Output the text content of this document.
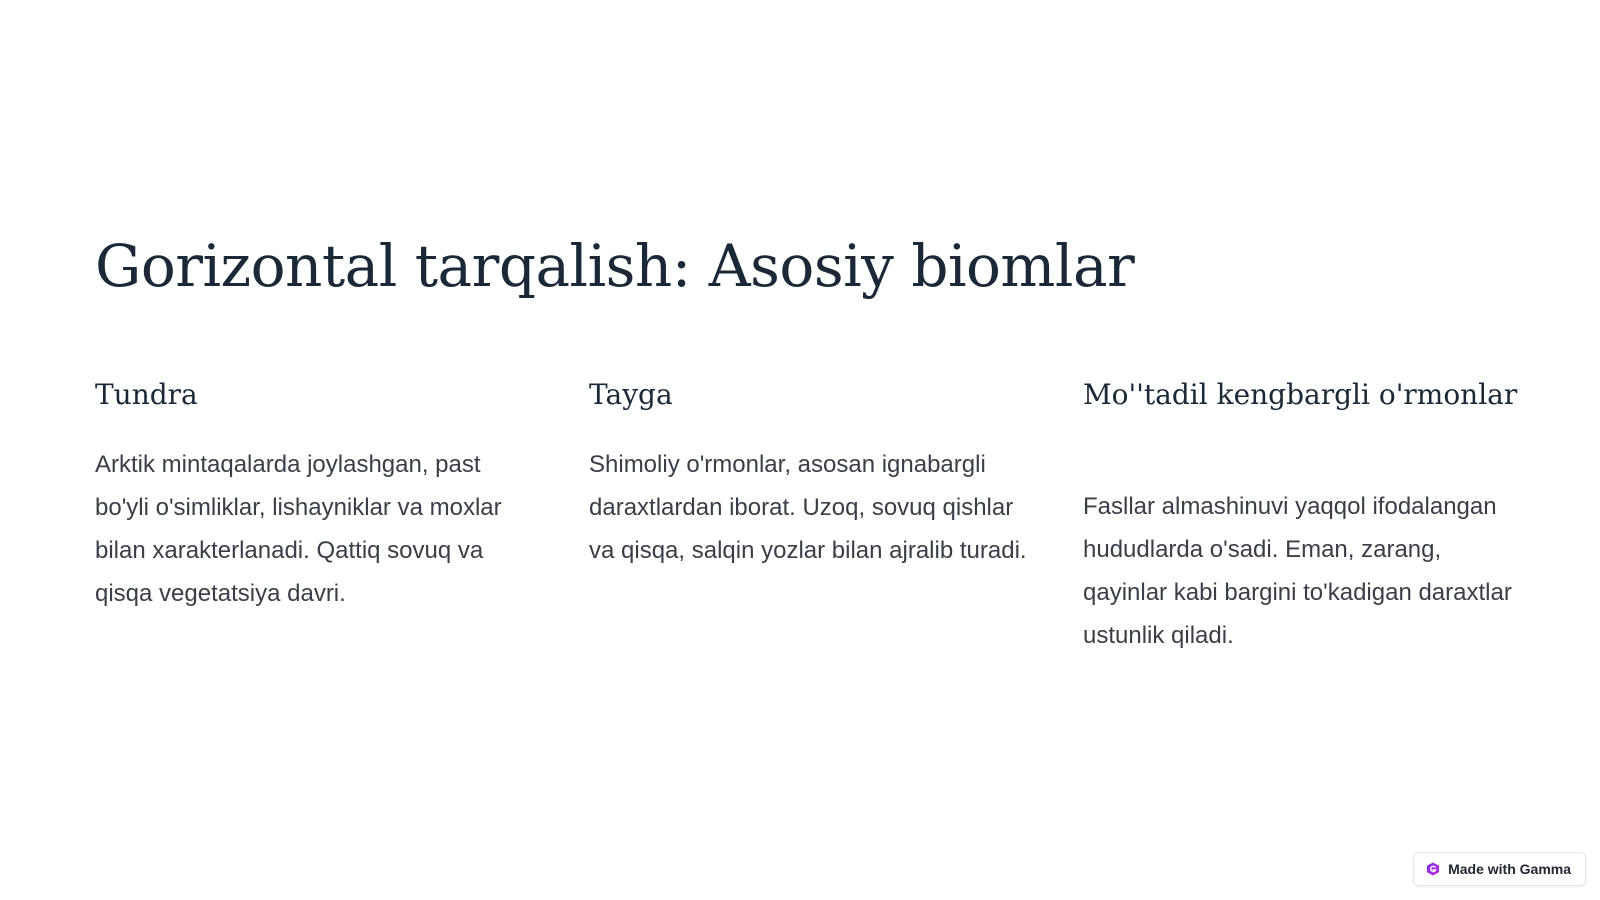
Gorizontal tarqalish: Asosiy biomlar
Tundra

Arktik mintaqalarda joylashgan, past bo'yli o'simliklar, lishayniklar va moxlar bilan xarakterlanadi. Qattiq sovuq va qisqa vegetatsiya davri.

Tayga

Shimoliy o'rmonlar, asosan ignabargli daraxtlardan iborat. Uzoq, sovuq qishlar va qisqa, salqin yozlar bilan ajralib turadi.

Mo''tadil kengbargli o'rmonlar

Fasllar almashinuvi yaqqol ifodalangan hududlarda o'sadi. Eman, zarang, qayinlar kabi bargini to'kadigan daraxtlar ustunlik qiladi.

Made with Gamma
